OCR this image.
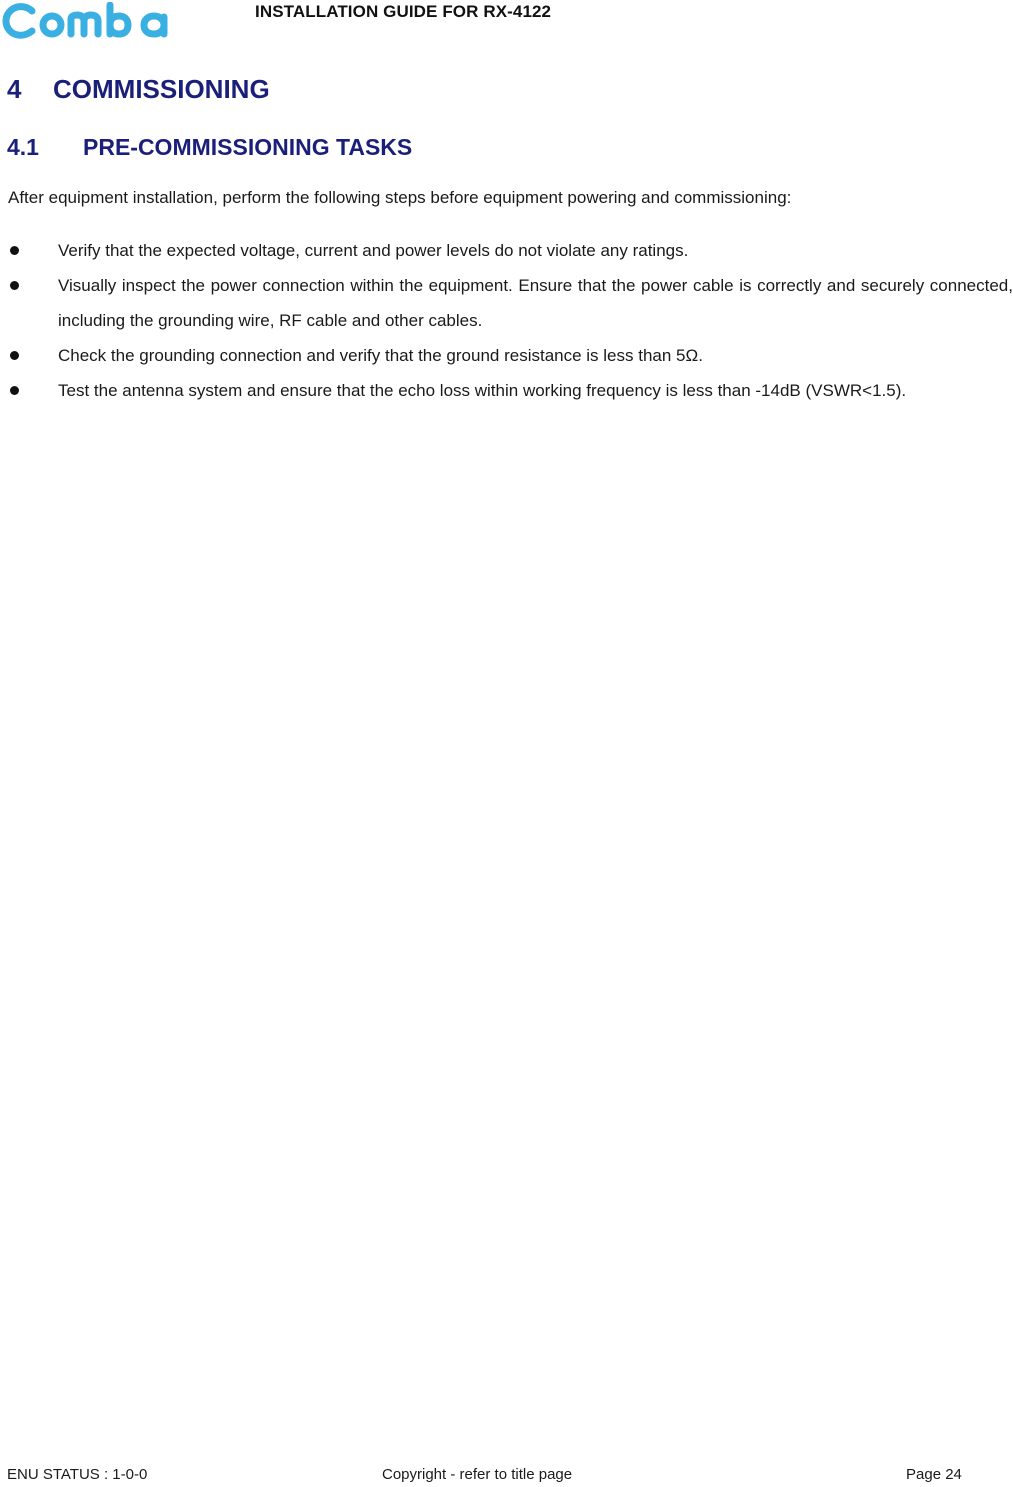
INSTALLATION GUIDE FOR RX-4122
4 COMMISSIONING
4.1 PRE-COMMISSIONING TASKS
After equipment installation, perform the following steps before equipment powering and commissioning:
Verify that the expected voltage, current and power levels do not violate any ratings.
Visually inspect the power connection within the equipment. Ensure that the power cable is correctly and securely connected, including the grounding wire, RF cable and other cables.
Check the grounding connection and verify that the ground resistance is less than 5Ω.
Test the antenna system and ensure that the echo loss within working frequency is less than -14dB (VSWR<1.5).
ENU STATUS : 1-0-0	Copyright - refer to title page	Page 24
